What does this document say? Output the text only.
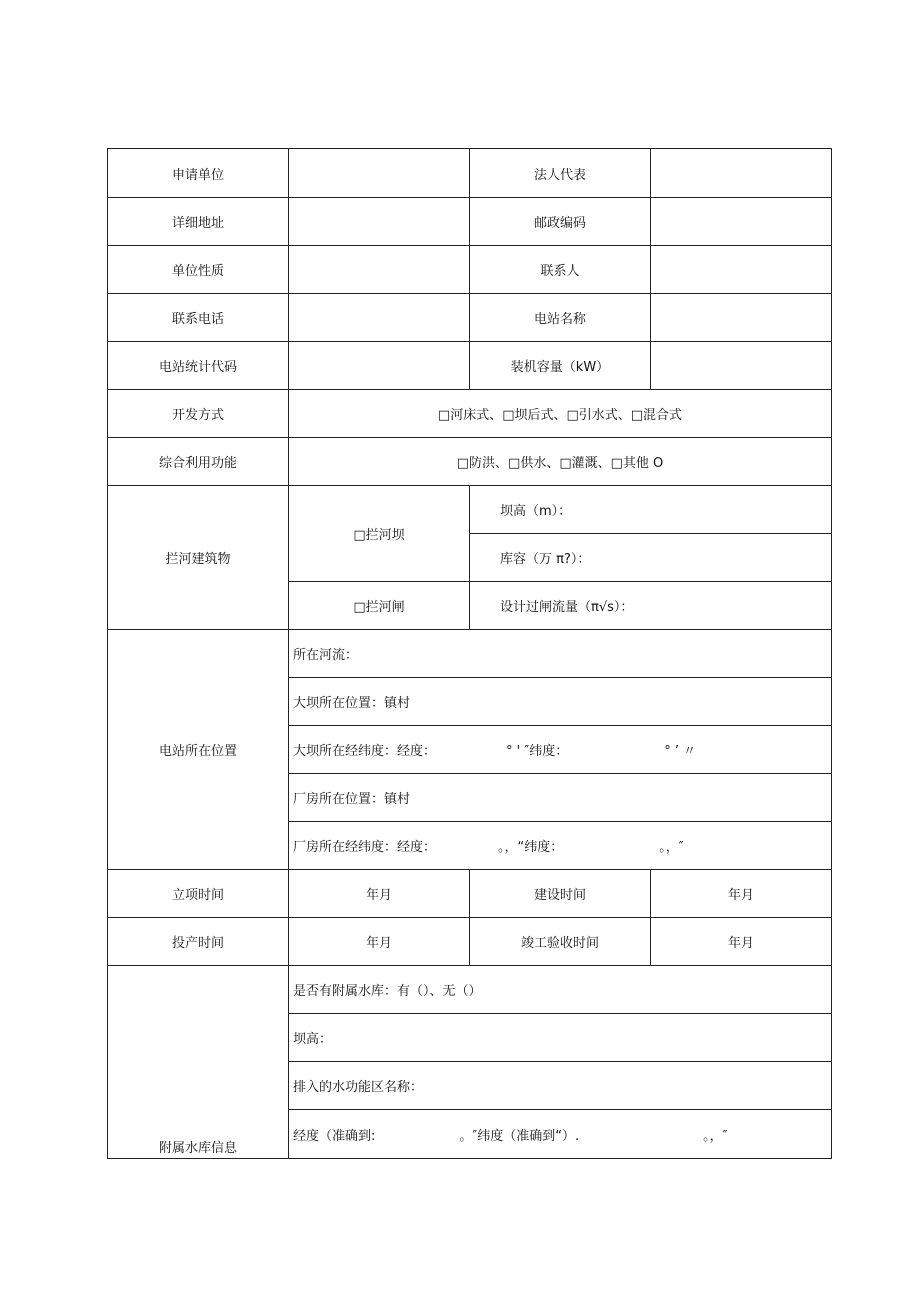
申请单位		法人代表	
详细地址		邮政编码	
单位性质		联系人	
联系电话		电站名称	
电站统计代码		装机容量（kW）	
开发方式	□河床式、□坝后式、□引水式、□混合式		
综合利用功能	□防洪、□供水、□灌溉、□其他 O		
拦河建筑物	□拦河坝	坝高（m）：	
		库容（万 π?）：	
	□拦河闸	设计过闸流量（π√s）：	
电站所在位置	所在河流：		
	大坝所在位置：镇村		
	大坝所在经纬度：经度： ° ' ″纬度： ° ’ 〃		
	厂房所在位置：镇村		
	厂房所在经纬度：经度： 。，“纬度： 。，″		
立项时间	年月	建设时间	年月
投产时间	年月	竣工验收时间	年月
附属水库信息	是否有附属水库：有（）、无（）		
	坝高：		
	排入的水功能区名称：		
	经度（准确到: 。″纬度（准确到“）. 。，″		
